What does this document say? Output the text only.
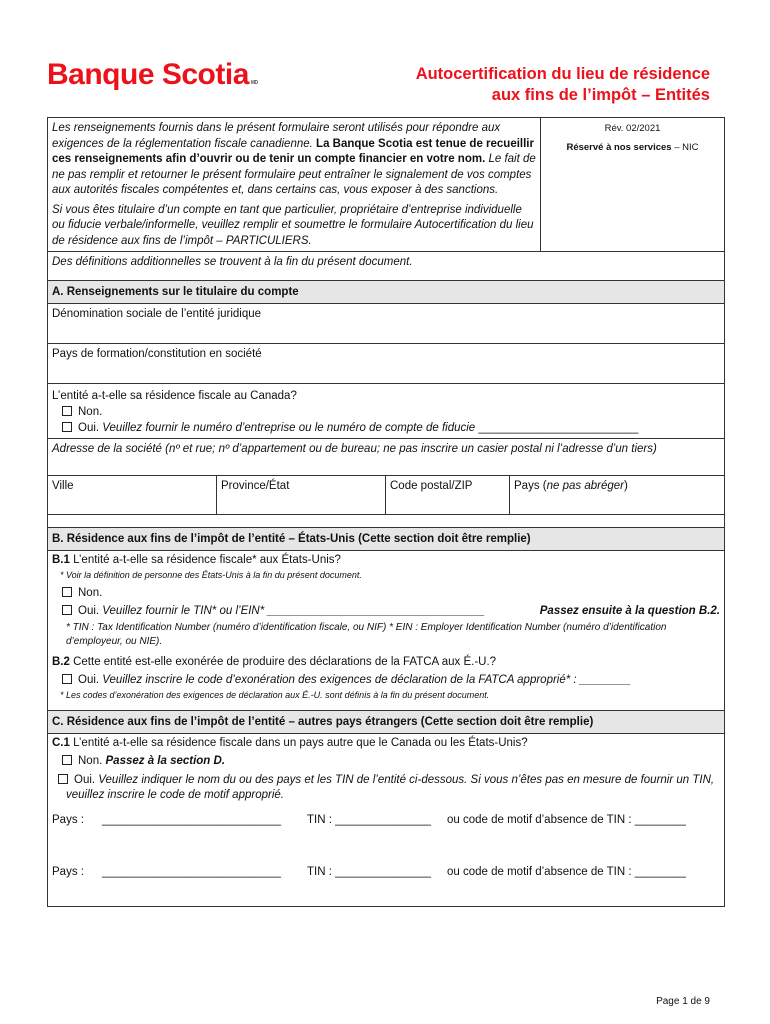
Banque Scotia MD	Autocertification du lieu de résidence
aux fins de l’impôt – Entités

Les renseignements fournis dans le présent formulaire seront utilisés pour répondre aux exigences de la réglementation fiscale canadienne. La Banque Scotia est tenue de recueillir ces renseignements afin d’ouvrir ou de tenir un compte financier en votre nom. Le fait de ne pas remplir et retourner le présent formulaire peut entraîner le signalement de vos comptes aux autorités fiscales compétentes et, dans certains cas, vous exposer à des sanctions.

Si vous êtes titulaire d’un compte en tant que particulier, propriétaire d’entreprise individuelle ou fiducie verbale/informelle, veuillez remplir et soumettre le formulaire Autocertification du lieu de résidence aux fins de l’impôt – PARTICULIERS.

Rév. 02/2021
Réservé à nos services – NIC
Des définitions additionnelles se trouvent à la fin du présent document.
A. Renseignements sur le titulaire du compte
Dénomination sociale de l’entité juridique
Pays de formation/constitution en société
L’entité a-t-elle sa résidence fiscale au Canada?
Non.
Oui. Veuillez fournir le numéro d’entreprise ou le numéro de compte de fiducie _________________________
Adresse de la société (nº et rue; nº d’appartement ou de bureau; ne pas inscrire un casier postal ni l’adresse d’un tiers)
Ville	Province/État	Code postal/ZIP	Pays (ne pas abréger)
B. Résidence aux fins de l’impôt de l’entité – États-Unis (Cette section doit être remplie)
B.1 L’entité a-t-elle sa résidence fiscale* aux États-Unis?
* Voir la définition de personne des États-Unis à la fin du présent document.
Non.
Oui. Veuillez fournir le TIN* ou l’EIN* __________________________________	Passez ensuite à la question B.2.
* TIN : Tax Identification Number (numéro d’identification fiscale, ou NIF) * EIN : Employer Identification Number (numéro d’identification d’employeur, ou NIE).
B.2 Cette entité est-elle exonérée de produire des déclarations de la FATCA aux É.-U.?
Oui. Veuillez inscrire le code d’exonération des exigences de déclaration de la FATCA approprié* : ________
* Les codes d’exonération des exigences de déclaration aux É.-U. sont définis à la fin du présent document.
C. Résidence aux fins de l’impôt de l’entité – autres pays étrangers (Cette section doit être remplie)
C.1 L’entité a-t-elle sa résidence fiscale dans un pays autre que le Canada ou les États-Unis?
Non. Passez à la section D.
Oui. Veuillez indiquer le nom du ou des pays et les TIN de l’entité ci-dessous. Si vous n’êtes pas en mesure de fournir un TIN, veuillez inscrire le code de motif approprié.
Pays :	____________________________	TIN : _______________	ou code de motif d’absence de TIN : ________
Pays :	____________________________	TIN : _______________	ou code de motif d’absence de TIN : ________
Page 1 de 9
